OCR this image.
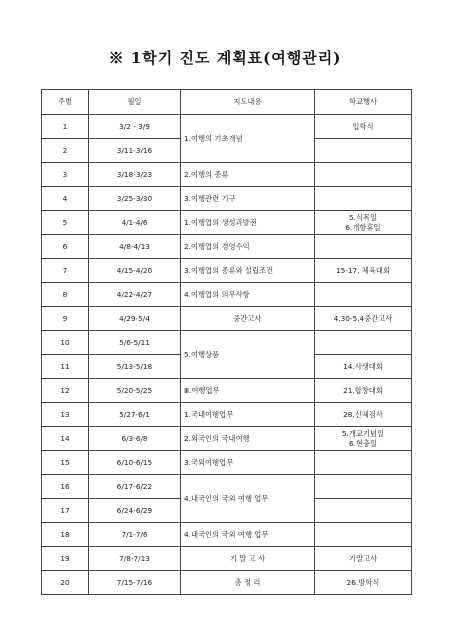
※ 1학기 진도 계획표(여행관리)
주별	월일	지도내용	학교행사
1	3/2 - 3/9	1.여행의 기초개념	입학식
2	3/11-3/16		
3	3/18-3/23	2.여행의 종류	
4	3/25-3/30	3.여행관련 기구	
5	4/1-4/6	1.여행업의 생성과발전	5.식목일
6.개항휴일

6	4/8-4/13	2.여행업의 경영수익	
7	4/15-4/20	3.여행업의 종류와 설립조건	15-17. 체육대회
8	4/22-4/27	4.여행업의 의무사항	
9	4/29-5/4	중간고사	4.30-5.4중간고사
10	5/6-5/11	5.여행상품	
11	5/13-5/18		14.사생대회
12	5/20-5/25	Ⅲ.여행업무	21.합창대회
13	5/27-6/1	1.국내여행업무	28.신체검사
14	6/3-6/8	2.외국인의 국내여행	5.개교기념일
6.현충일

15	6/10-6/15	3.국외여행업무	
16	6/17-6/22	4.내국인의 국외 여행 업무	
17	6/24-6/29		
18	7/1-7/6	4.내국인의 국외 여행 업무	
19	7/8-7/13	기 말 고 사	기말고사
20	7/15-7/16	총 정 리	26.방학식
